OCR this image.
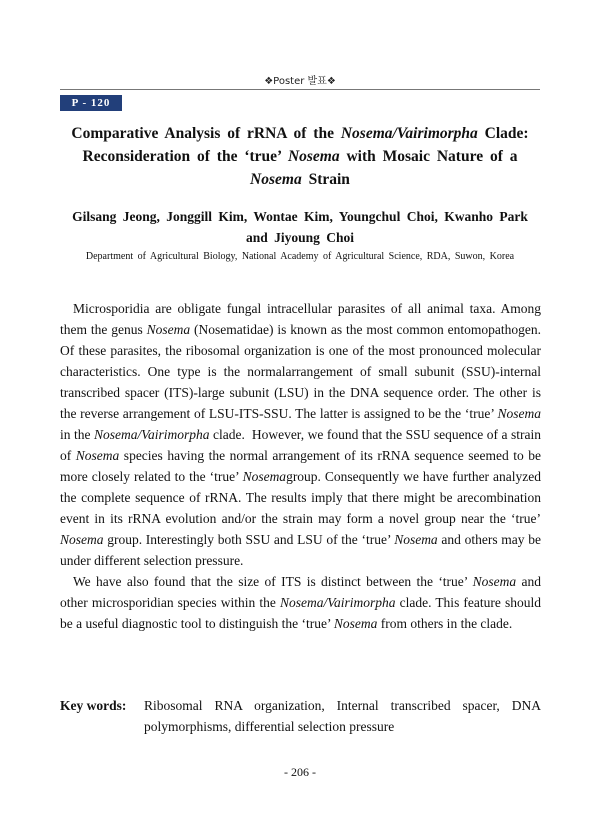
❖Poster 발표❖
P - 120
Comparative Analysis of rRNA of the Nosema/Vairimorpha Clade: Reconsideration of the ‘true’ Nosema with Mosaic Nature of a Nosema Strain
Gilsang Jeong, Jonggill Kim, Wontae Kim, Youngchul Choi, Kwanho Park and Jiyoung Choi
Department of Agricultural Biology, National Academy of Agricultural Science, RDA, Suwon, Korea

Microsporidia are obligate fungal intracellular parasites of all animal taxa. Among them the genus Nosema (Nosematidae) is known as the most common entomopathogen. Of these parasites, the ribosomal organization is one of the most pronounced molecular characteristics. One type is the normalarrangement of small subunit (SSU)-internal transcribed spacer (ITS)-large subunit (LSU) in the DNA sequence order. The other is the reverse arrangement of LSU-ITS-SSU. The latter is assigned to be the ‘true’ Nosema in the Nosema/Vairimorpha clade.  However, we found that the SSU sequence of a strain of Nosema species having the normal arrangement of its rRNA sequence seemed to be more closely related to the ‘true’ Nosemagroup. Consequently we have further analyzed the complete sequence of rRNA. The results imply that there might be arecombination event in its rRNA evolution and/or the strain may form a novel group near the ‘true’ Nosema group. Interestingly both SSU and LSU of the ‘true’ Nosema and others may be under different selection pressure.

We have also found that the size of ITS is distinct between the ‘true’ Nosema and other microsporidian species within the Nosema/Vairimorpha clade. This feature should be a useful diagnostic tool to distinguish the ‘true’ Nosema from others in the clade.

Key words: Ribosomal RNA organization, Internal transcribed spacer, DNA polymorphisms, differential selection pressure
- 206 -
